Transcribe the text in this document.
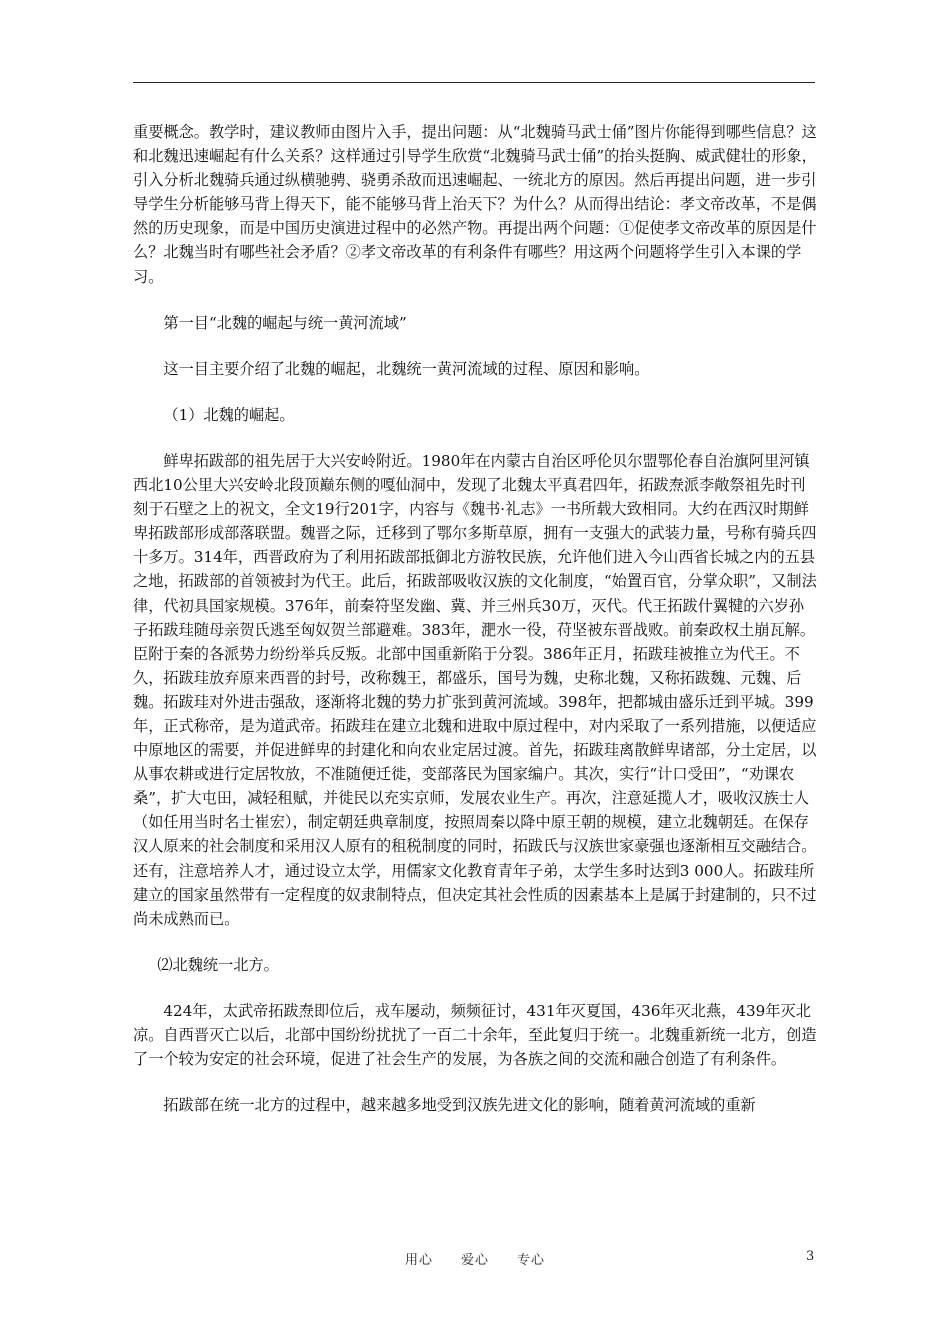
重要概念。教学时，建议教师由图片入手，提出问题：从“北魏骑马武士俑”图片你能得到哪些信息？这和北魏迅速崛起有什么关系？这样通过引导学生欣赏“北魏骑马武士俑”的抬头挺胸、威武健壮的形象，引入分析北魏骑兵通过纵横驰骋、骁勇杀敌而迅速崛起、一统北方的原因。然后再提出问题，进一步引导学生分析能够马背上得天下，能不能够马背上治天下？为什么？从而得出结论：孝文帝改革，不是偶然的历史现象，而是中国历史演进过程中的必然产物。再提出两个问题：①促使孝文帝改革的原因是什么？北魏当时有哪些社会矛盾？②孝文帝改革的有利条件有哪些？用这两个问题将学生引入本课的学习。

第一目“北魏的崛起与统一黄河流域”

这一目主要介绍了北魏的崛起，北魏统一黄河流域的过程、原因和影响。

（1）北魏的崛起。

鲜卑拓跋部的祖先居于大兴安岭附近。1980年在内蒙古自治区呼伦贝尔盟鄂伦春自治旗阿里河镇西北10公里大兴安岭北段顶巅东侧的嘎仙洞中，发现了北魏太平真君四年，拓跋焘派李敞祭祖先时刊刻于石壁之上的祝文，全文19行201字，内容与《魏书·礼志》一书所载大致相同。大约在西汉时期鲜卑拓跋部形成部落联盟。魏晋之际，迁移到了鄂尔多斯草原，拥有一支强大的武装力量，号称有骑兵四十多万。314年，西晋政府为了利用拓跋部抵御北方游牧民族，允许他们进入今山西省长城之内的五县之地，拓跋部的首领被封为代王。此后，拓跋部吸收汉族的文化制度，“始置百官，分掌众职”，又制法律，代初具国家规模。376年，前秦符坚发幽、冀、并三州兵30万，灭代。代王拓跋什翼犍的六岁孙子拓跋珪随母亲贺氏逃至匈奴贺兰部避难。383年，淝水一役，苻坚被东晋战败。前秦政权土崩瓦解。臣附于秦的各派势力纷纷举兵反叛。北部中国重新陷于分裂。386年正月，拓跋珪被推立为代王。不久，拓跋珪放弃原来西晋的封号，改称魏王，都盛乐，国号为魏，史称北魏，又称拓跋魏、元魏、后魏。拓跋珪对外进击强敌，逐渐将北魏的势力扩张到黄河流域。398年，把都城由盛乐迁到平城。399年，正式称帝，是为道武帝。拓跋珪在建立北魏和进取中原过程中，对内采取了一系列措施，以便适应中原地区的需要，并促进鲜卑的封建化和向农业定居过渡。首先，拓跋珪离散鲜卑诸部，分土定居，以从事农耕或进行定居牧放，不准随便迁徙，变部落民为国家编户。其次，实行“计口受田”，“劝课农桑”，扩大屯田，减轻租赋，并徙民以充实京师，发展农业生产。再次，注意延揽人才，吸收汉族士人（如任用当时名士崔宏），制定朝廷典章制度，按照周秦以降中原王朝的规模，建立北魏朝廷。在保存汉人原来的社会制度和采用汉人原有的租税制度的同时，拓跋氏与汉族世家豪强也逐渐相互交融结合。还有，注意培养人才，通过设立太学，用儒家文化教育青年子弟，太学生多时达到3 000人。拓跋珪所建立的国家虽然带有一定程度的奴隶制特点，但决定其社会性质的因素基本上是属于封建制的，只不过尚未成熟而已。

⑵北魏统一北方。

424年，太武帝拓跋焘即位后，戎车屡动，频频征讨，431年灭夏国，436年灭北燕，439年灭北凉。自西晋灭亡以后，北部中国纷纷扰扰了一百二十余年，至此复归于统一。北魏重新统一北方，创造了一个较为安定的社会环境，促进了社会生产的发展，为各族之间的交流和融合创造了有利条件。

拓跋部在统一北方的过程中，越来越多地受到汉族先进文化的影响，随着黄河流域的重新

用心　　爱心　　专心	3
